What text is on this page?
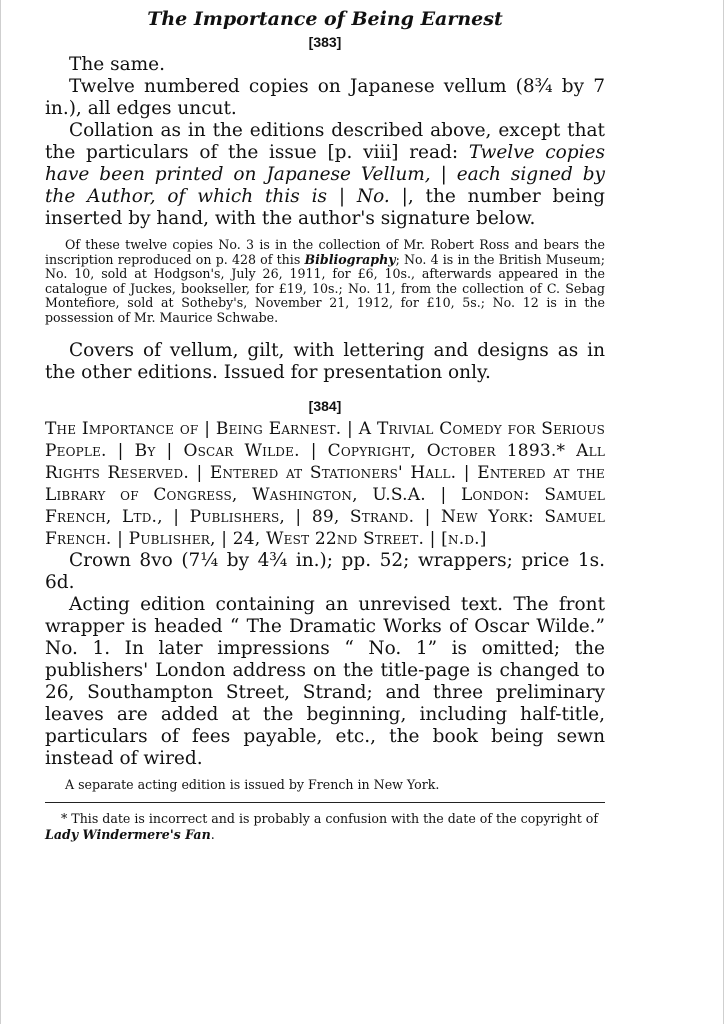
The Importance of Being Earnest
[383]

The same.

Twelve numbered copies on Japanese vellum (8¾ by 7 in.), all edges uncut.

Collation as in the editions described above, except that the particulars of the issue [p. viii] read: Twelve copies have been printed on Japanese Vellum, | each signed by the Author, of which this is | No. |, the number being inserted by hand, with the author's signature below.

Of these twelve copies No. 3 is in the collection of Mr. Robert Ross and bears the inscription reproduced on p. 428 of this Bibliography; No. 4 is in the British Museum; No. 10, sold at Hodgson's, July 26, 1911, for £6, 10s., afterwards appeared in the catalogue of Juckes, bookseller, for £19, 10s.; No. 11, from the collection of C. Sebag Montefiore, sold at Sotheby's, November 21, 1912, for £10, 5s.; No. 12 is in the possession of Mr. Maurice Schwabe.

Covers of vellum, gilt, with lettering and designs as in the other editions. Issued for presentation only.

[384]

The Importance of | Being Earnest. | A Trivial Comedy for Serious People. | By | Oscar Wilde. | Copyright, October 1893.* All Rights Reserved. | Entered at Stationers' Hall. | Entered at the Library of Congress, Washington, U.S.A. | London: Samuel French, Ltd., | Publishers, | 89, Strand. | New York: Samuel French. | Publisher, | 24, West 22nd Street. | [n.d.]

Crown 8vo (7¼ by 4¾ in.); pp. 52; wrappers; price 1s. 6d.

Acting edition containing an unrevised text. The front wrapper is headed “ The Dramatic Works of Oscar Wilde.” No. 1. In later impressions “ No. 1” is omitted; the publishers' London address on the title-page is changed to 26, Southampton Street, Strand; and three preliminary leaves are added at the beginning, including half-title, particulars of fees payable, etc., the book being sewn instead of wired.

A separate acting edition is issued by French in New York.

* This date is incorrect and is probably a confusion with the date of the copyright of Lady Windermere's Fan.
